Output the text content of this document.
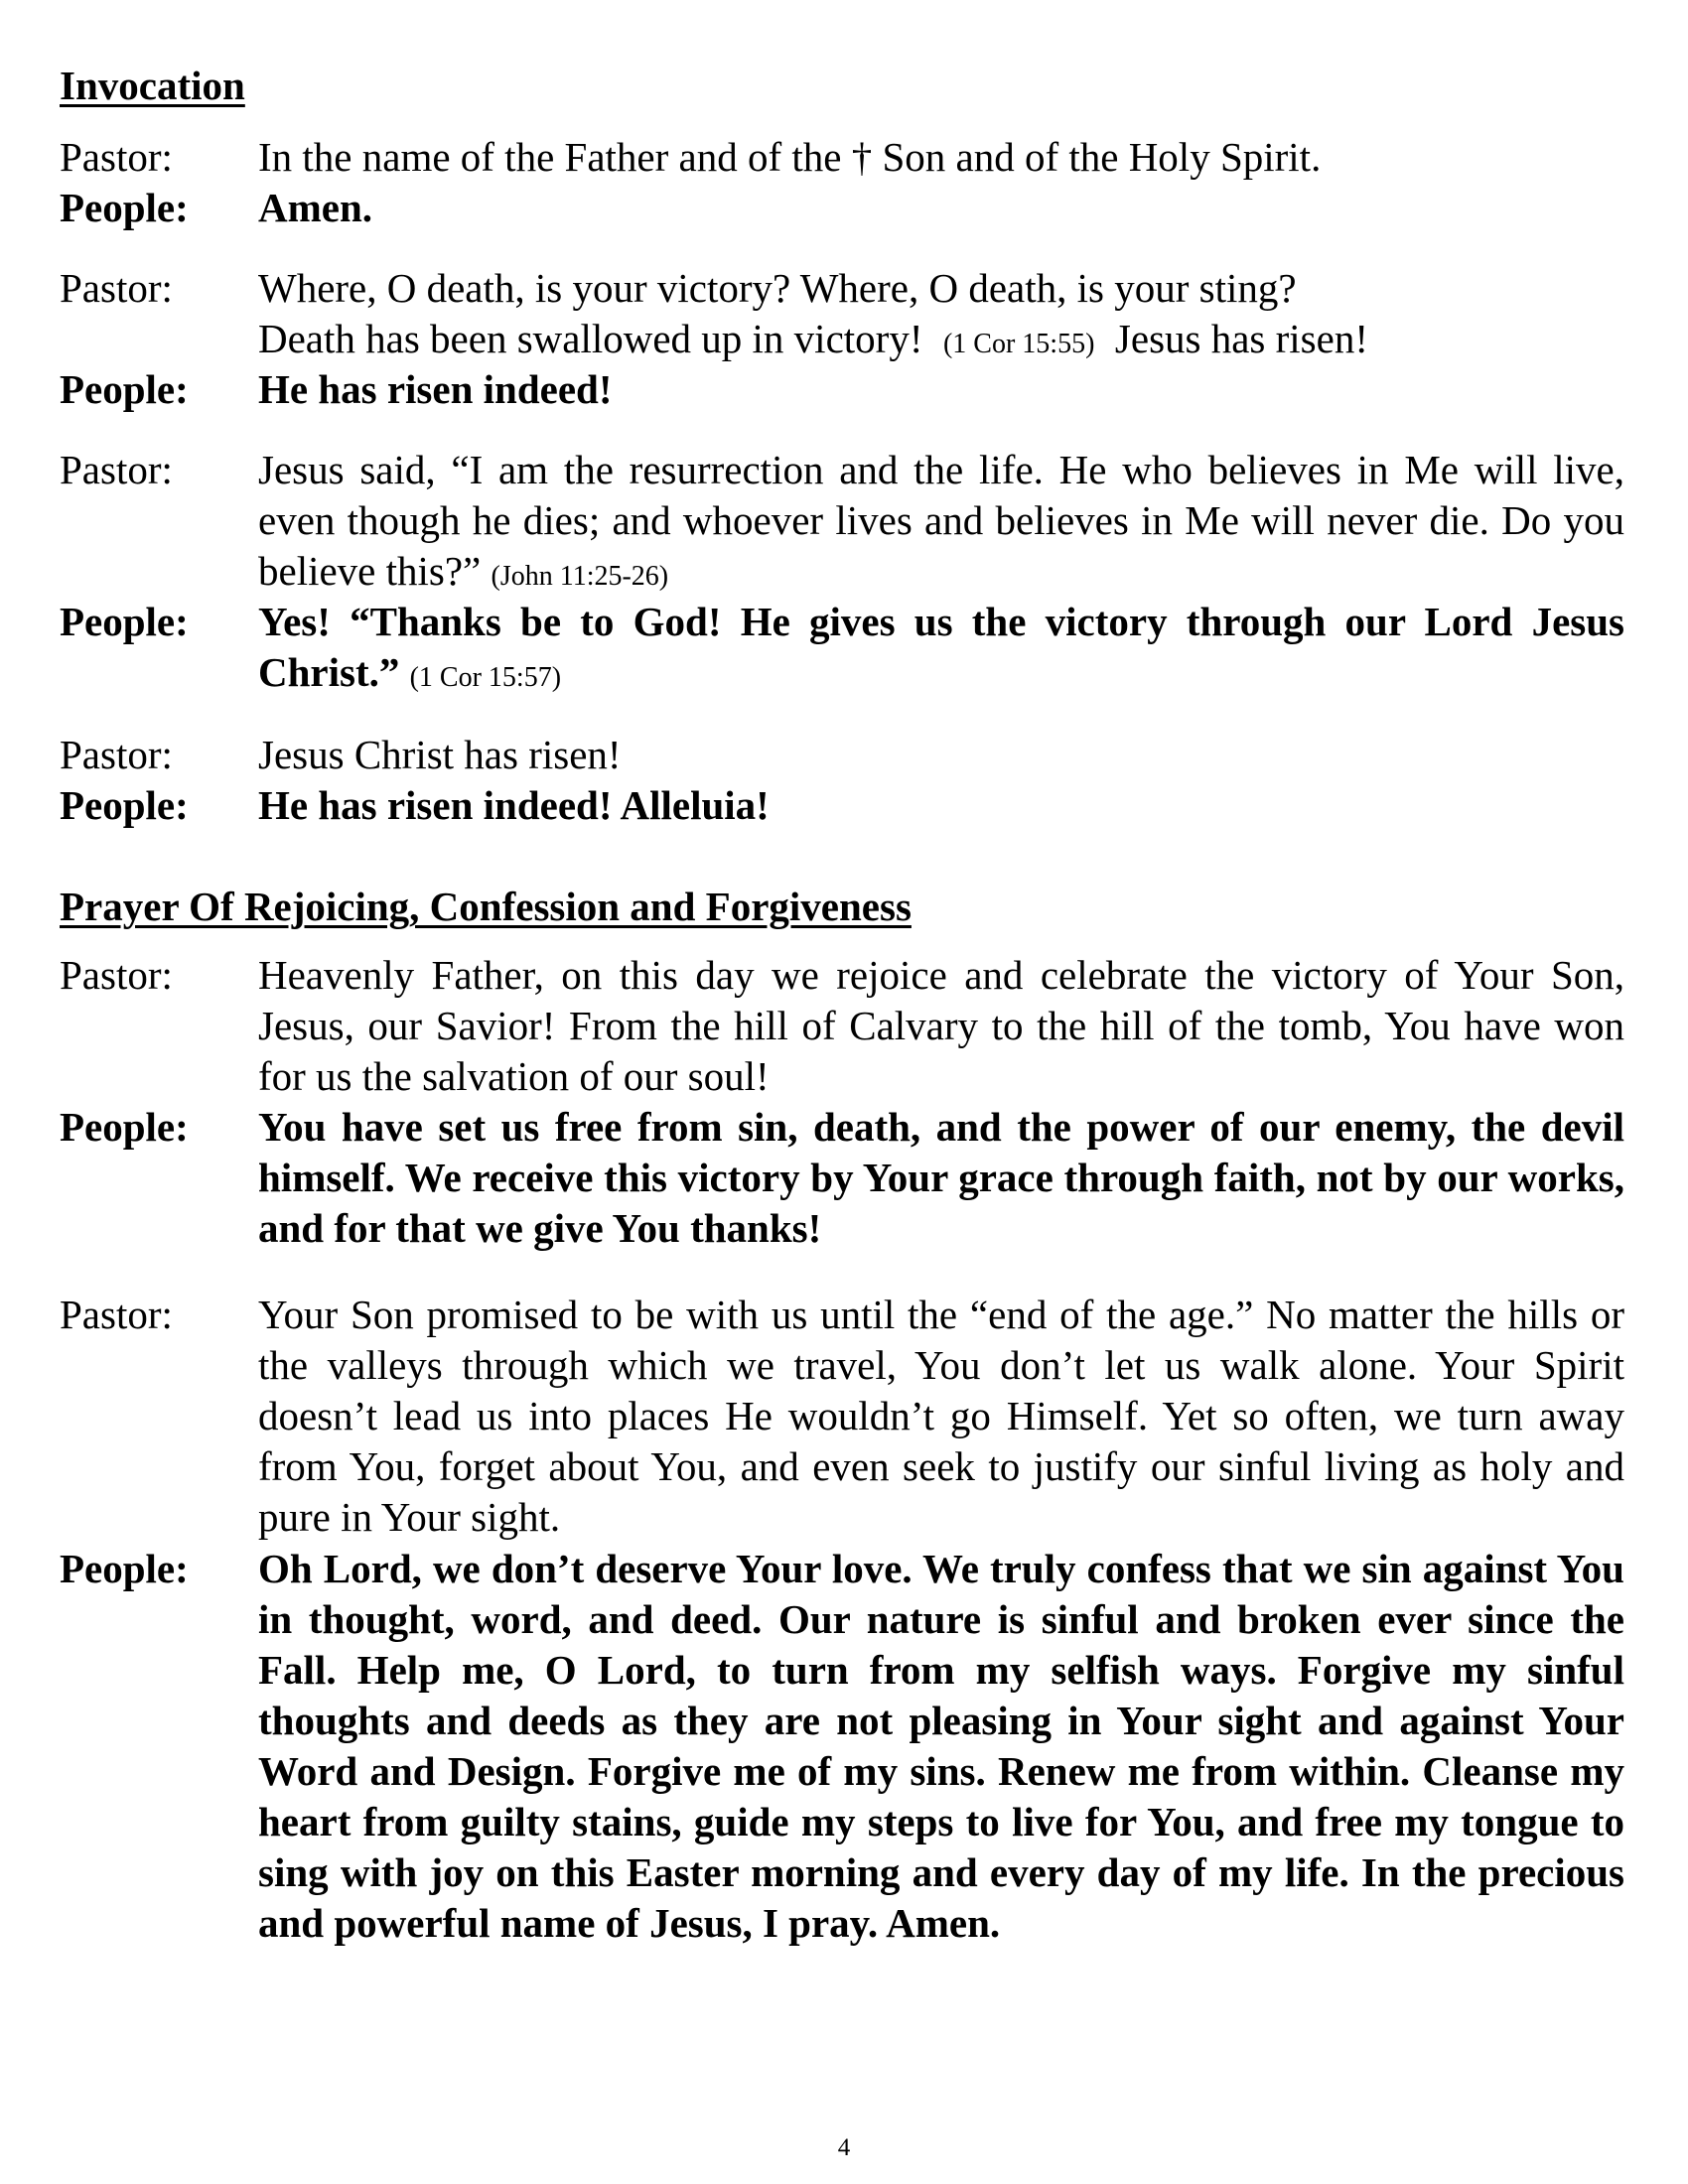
Invocation
Pastor: In the name of the Father and of the † Son and of the Holy Spirit.
People: Amen.
Pastor: Where, O death, is your victory? Where, O death, is your sting?
Death has been swallowed up in victory! (1 Cor 15:55) Jesus has risen!
People: He has risen indeed!
Pastor: Jesus said, “I am the resurrection and the life. He who believes in Me will live, even though he dies; and whoever lives and believes in Me will never die. Do you believe this?” (John 11:25-26)
People: Yes! “Thanks be to God! He gives us the victory through our Lord Jesus Christ.” (1 Cor 15:57)
Pastor: Jesus Christ has risen!
People: He has risen indeed! Alleluia!
Prayer Of Rejoicing, Confession and Forgiveness
Pastor: Heavenly Father, on this day we rejoice and celebrate the victory of Your Son, Jesus, our Savior! From the hill of Calvary to the hill of the tomb, You have won for us the salvation of our soul!
People: You have set us free from sin, death, and the power of our enemy, the devil himself. We receive this victory by Your grace through faith, not by our works, and for that we give You thanks!
Pastor: Your Son promised to be with us until the “end of the age.” No matter the hills or the valleys through which we travel, You don’t let us walk alone. Your Spirit doesn’t lead us into places He wouldn’t go Himself. Yet so often, we turn away from You, forget about You, and even seek to justify our sinful living as holy and pure in Your sight.
People: Oh Lord, we don’t deserve Your love. We truly confess that we sin against You in thought, word, and deed. Our nature is sinful and broken ever since the Fall. Help me, O Lord, to turn from my selfish ways. Forgive my sinful thoughts and deeds as they are not pleasing in Your sight and against Your Word and Design. Forgive me of my sins. Renew me from within. Cleanse my heart from guilty stains, guide my steps to live for You, and free my tongue to sing with joy on this Easter morning and every day of my life. In the precious and powerful name of Jesus, I pray. Amen.
4
